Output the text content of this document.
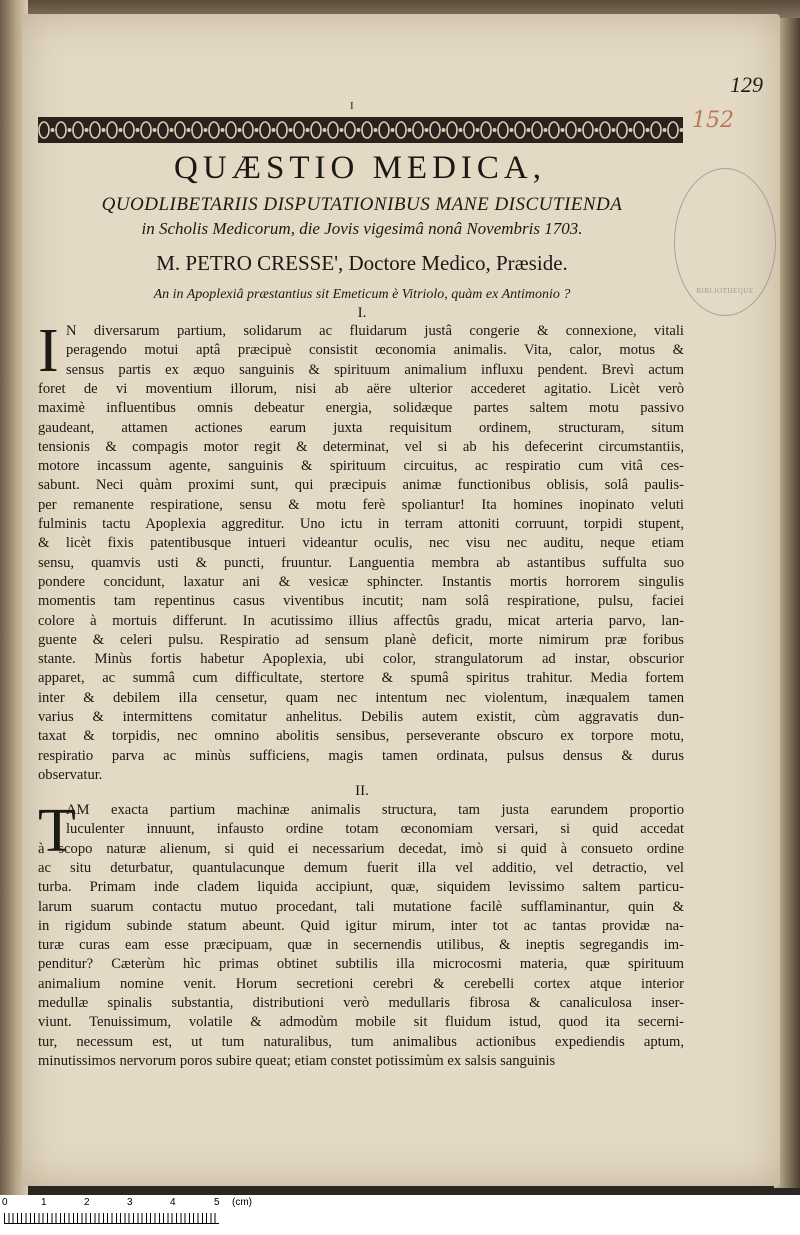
I
129
152
BIBLIOTHEQUE
QUÆSTIO MEDICA,
QUODLIBETARIIS DISPUTATIONIBUS MANE DISCUTIENDA
in Scholis Medicorum, die Jovis vigesimâ nonâ Novembris 1703.
M. PETRO CRESSE', Doctore Medico, Præside.
An in Apoplexiâ præstantius sit Emeticum è Vitriolo, quàm ex Antimonio ?
I.
I N diversarum partium, solidarum ac fluidarum justâ congerie & connexione, vitali
peragendo motui aptâ præcipuè consistit œconomia animalis. Vita, calor, motus &
sensus partis ex æquo sanguinis & spirituum animalium influxu pendent. Brevì actum
foret de vi moventium illorum, nisi ab aëre ulterior accederet agitatio. Licèt verò
maximè influentibus omnis debeatur energia, solidæque partes saltem motu passivo
gaudeant, attamen actiones earum juxta requisitum ordinem, structuram, situm
tensionis & compagis motor regit & determinat, vel si ab his defecerint circumstantiis,
motore incassum agente, sanguinis & spirituum circuitus, ac respiratio cum vitâ ces-
sabunt. Neci quàm proximi sunt, qui præcipuis animæ functionibus oblisis, solâ paulis-
per remanente respiratione, sensu & motu ferè spoliantur! Ita homines inopinato veluti
fulminis tactu Apoplexia aggreditur. Uno ictu in terram attoniti corruunt, torpidi stupent,
& licèt fixis patentibusque intueri videantur oculis, nec visu nec auditu, neque etiam
sensu, quamvis usti & puncti, fruuntur. Languentia membra ab astantibus suffulta suo
pondere concidunt, laxatur ani & vesicæ sphincter. Instantis mortis horrorem singulis
momentis tam repentinus casus viventibus incutit; nam solâ respiratione, pulsu, faciei
colore à mortuis differunt. In acutissimo illius affectûs gradu, micat arteria parvo, lan-
guente & celeri pulsu. Respiratio ad sensum planè deficit, morte nimirum præ foribus
stante. Minùs fortis habetur Apoplexia, ubi color, strangulatorum ad instar, obscurior
apparet, ac summâ cum difficultate, stertore & spumâ spiritus trahitur. Media fortem
inter & debilem illa censetur, quam nec intentum nec violentum, inæqualem tamen
varius & intermittens comitatur anhelitus. Debilis autem existit, cùm aggravatis dun-
taxat & torpidis, nec omnino abolitis sensibus, perseverante obscuro ex torpore motu,
respiratio parva ac minùs sufficiens, magis tamen ordinata, pulsus densus & durus
observatur.
II.
T
AM exacta partium machinæ animalis structura, tam justa earundem proportio
luculenter innuunt, infausto ordine totam œconomiam versari, si quid accedat
à scopo naturæ alienum, si quid ei necessarium decedat, imò si quid à consueto ordine
ac situ deturbatur, quantulacunque demum fuerit illa vel additio, vel detractio, vel
turba. Primam inde cladem liquida accipiunt, quæ, siquidem levissimo saltem particu-
larum suarum contactu mutuo procedant, tali mutatione facilè sufflaminantur, quin &
in rigidum subinde statum abeunt. Quid igitur mirum, inter tot ac tantas providæ na-
turæ curas eam esse præcipuam, quæ in secernendis utilibus, & ineptis segregandis im-
penditur? Cæterùm hìc primas obtinet subtilis illa microcosmi materia, quæ spirituum
animalium nomine venit. Horum secretioni cerebri & cerebelli cortex atque interior
medullæ spinalis substantia, distributioni verò medullaris fibrosa & canaliculosa inser-
viunt. Tenuissimum, volatile & admodùm mobile sit fluidum istud, quod ita secerni-
tur, necessum est, ut tum naturalibus, tum animalibus actionibus expediendis aptum,
minutissimos nervorum poros subire queat; etiam constet potissimùm ex salsis sanguinis
0	1	2	3	4	5 (cm)
